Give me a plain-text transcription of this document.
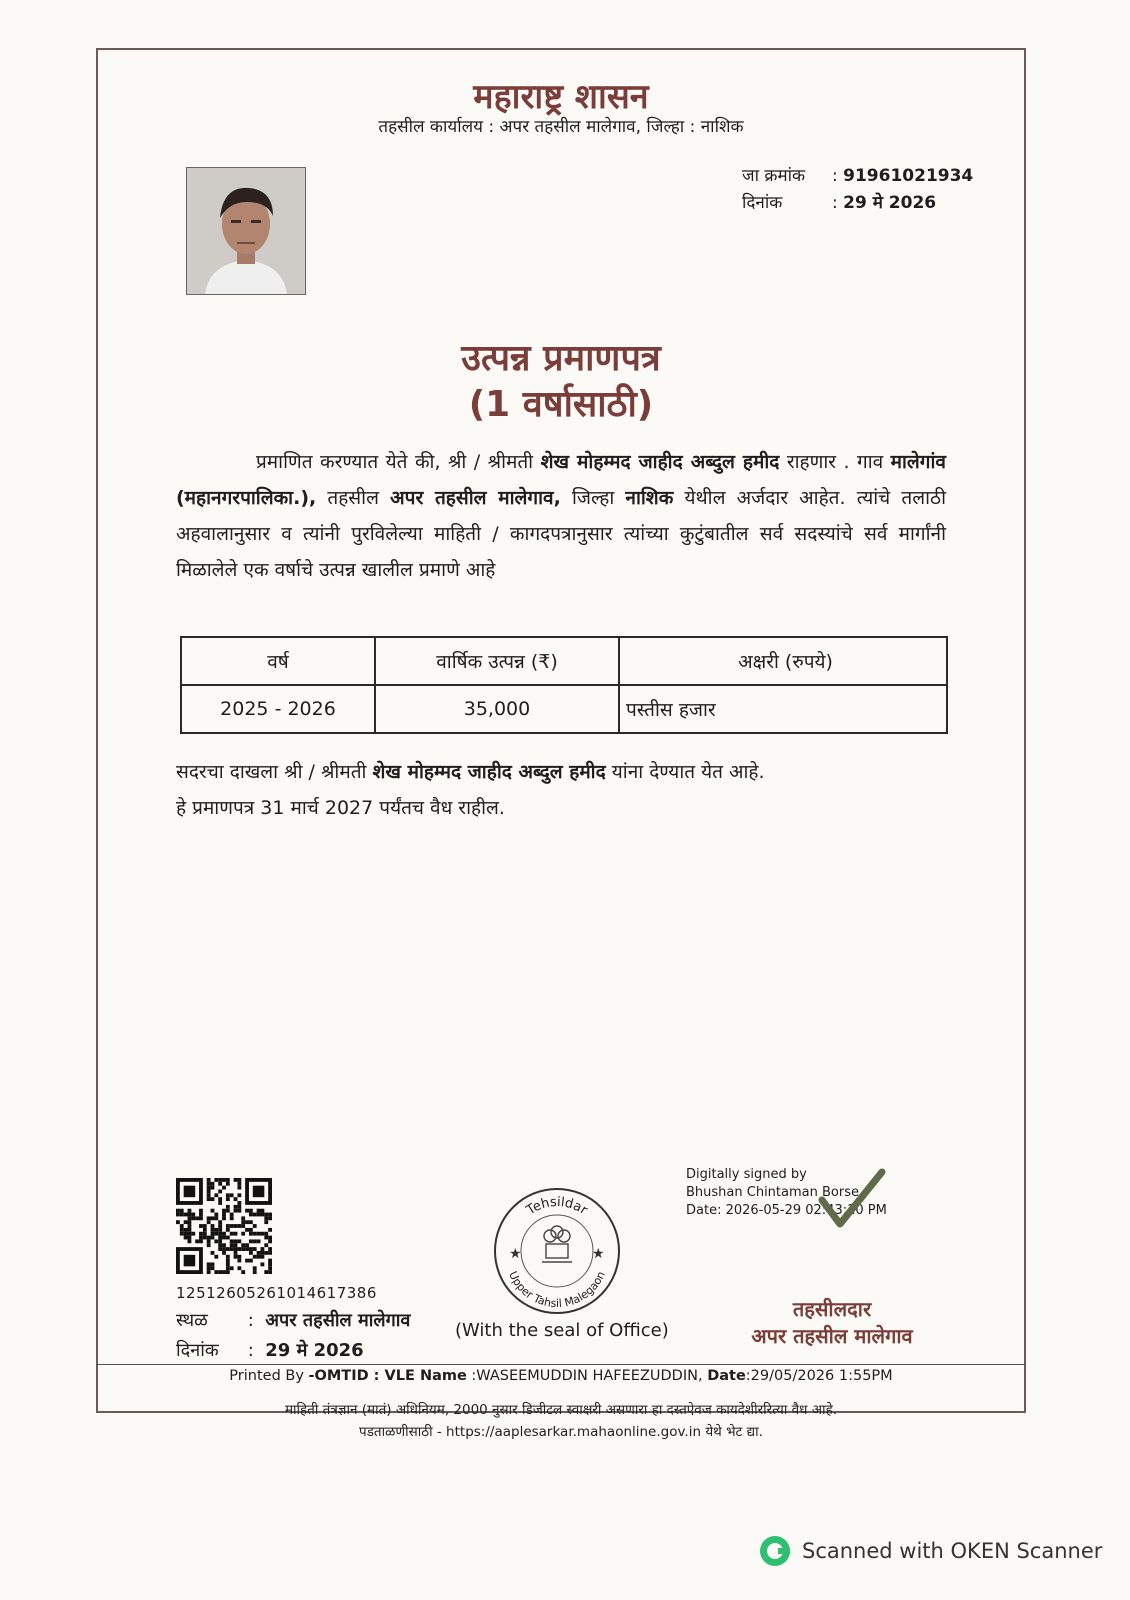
महाराष्ट्र शासन
तहसील कार्यालय : अपर तहसील मालेगाव, जिल्हा : नाशिक
जा क्रमांक	: 91961021934
दिनांक	: 29 मे 2026
उत्पन्न प्रमाणपत्र
(1 वर्षासाठी)
प्रमाणित करण्यात येते की, श्री / श्रीमती शेख मोहम्मद जाहीद अब्दुल हमीद राहणार . गाव मालेगांव (महानगरपालिका.), तहसील अपर तहसील मालेगाव, जिल्हा नाशिक येथील अर्जदार आहेत. त्यांचे तलाठी अहवालानुसार व त्यांनी पुरविलेल्या माहिती / कागदपत्रानुसार त्यांच्या कुटुंबातील सर्व सदस्यांचे सर्व मार्गांनी मिळालेले एक वर्षाचे उत्पन्न खालील प्रमाणे आहे
वर्ष	वार्षिक उत्पन्न (₹)	अक्षरी (रुपये)
2025 - 2026	35,000	पस्तीस हजार
सदरचा दाखला श्री / श्रीमती शेख मोहम्मद जाहीद अब्दुल हमीद यांना देण्यात येत आहे.
हे प्रमाणपत्र 31 मार्च 2027 पर्यंतच वैध राहील.
12512605261014617386
स्थळ :  अपर तहसील मालेगाव
दिनांक :  29 मे 2026
Tehsildar
Upper Tahsil Malegaon
★	★
(With the seal of Office)
Digitally signed by
Bhushan Chintaman Borse
Date: 2026-05-29 02:43:10 PM
तहसीलदार
अपर तहसील मालेगाव
Printed By -OMTID : VLE Name :WASEEMUDDIN HAFEEZUDDIN, Date:29/05/2026 1:55PM
माहिती तंत्रज्ञान (मातं) अधिनियम, 2000 नुसार डिजीटल स्वाक्षरी असणारा हा दस्तऐवज कायदेशीररित्या वैध आहे.
पडताळणीसाठी - https://aaplesarkar.mahaonline.gov.in येथे भेट द्या.
Scanned with OKEN Scanner
